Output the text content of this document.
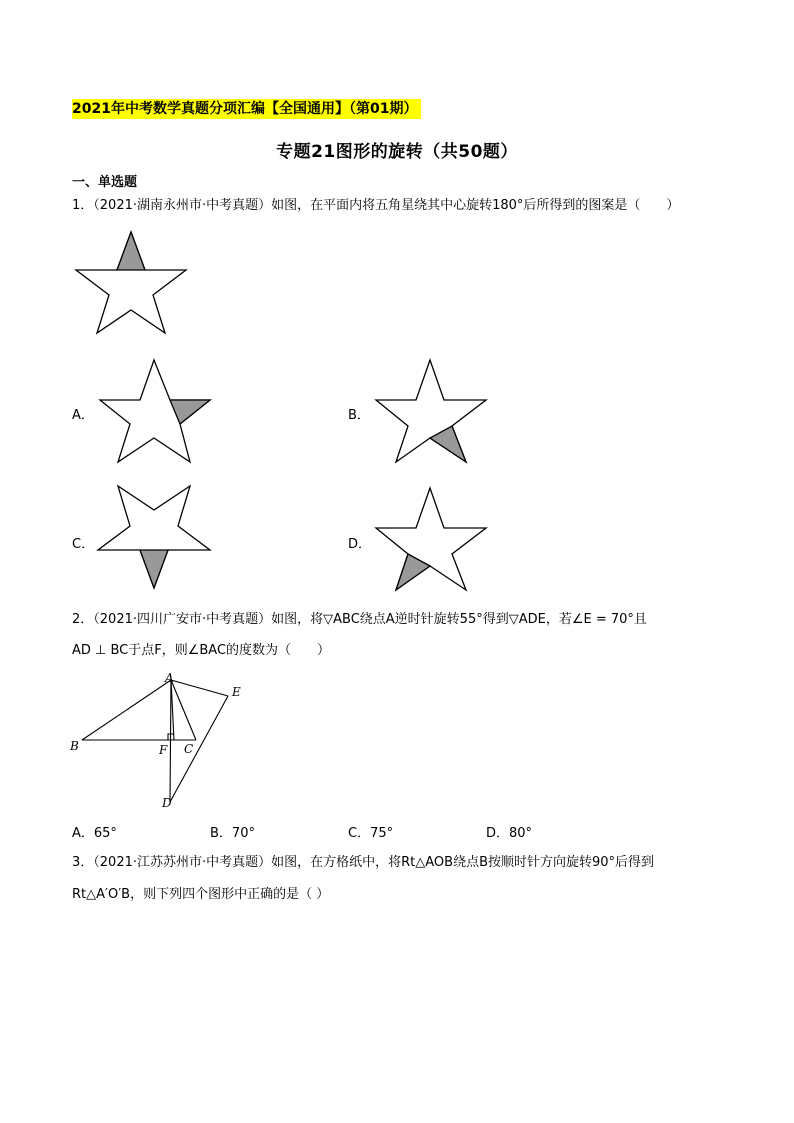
2021年中考数学真题分项汇编【全国通用】（第01期）
专题21图形的旋转（共50题）
一、单选题
1．（2021·湖南永州市·中考真题）如图，在平面内将五角星绕其中心旋转180°后所得到的图案是（　　）
A．	B．
C．	D．
2．（2021·四川广安市·中考真题）如图，将▽ABC绕点A逆时针旋转55°得到▽ADE，若∠E = 70°且
AD ⊥ BC于点F，则∠BAC的度数为（　　）
A
B	C
D
E
F
A．65°	B．70°	C．75°	D．80°
3．（2021·江苏苏州市·中考真题）如图，在方格纸中，将Rt△AOB绕点B按顺时针方向旋转90°后得到
Rt△A′O′B，则下列四个图形中正确的是（ ）
